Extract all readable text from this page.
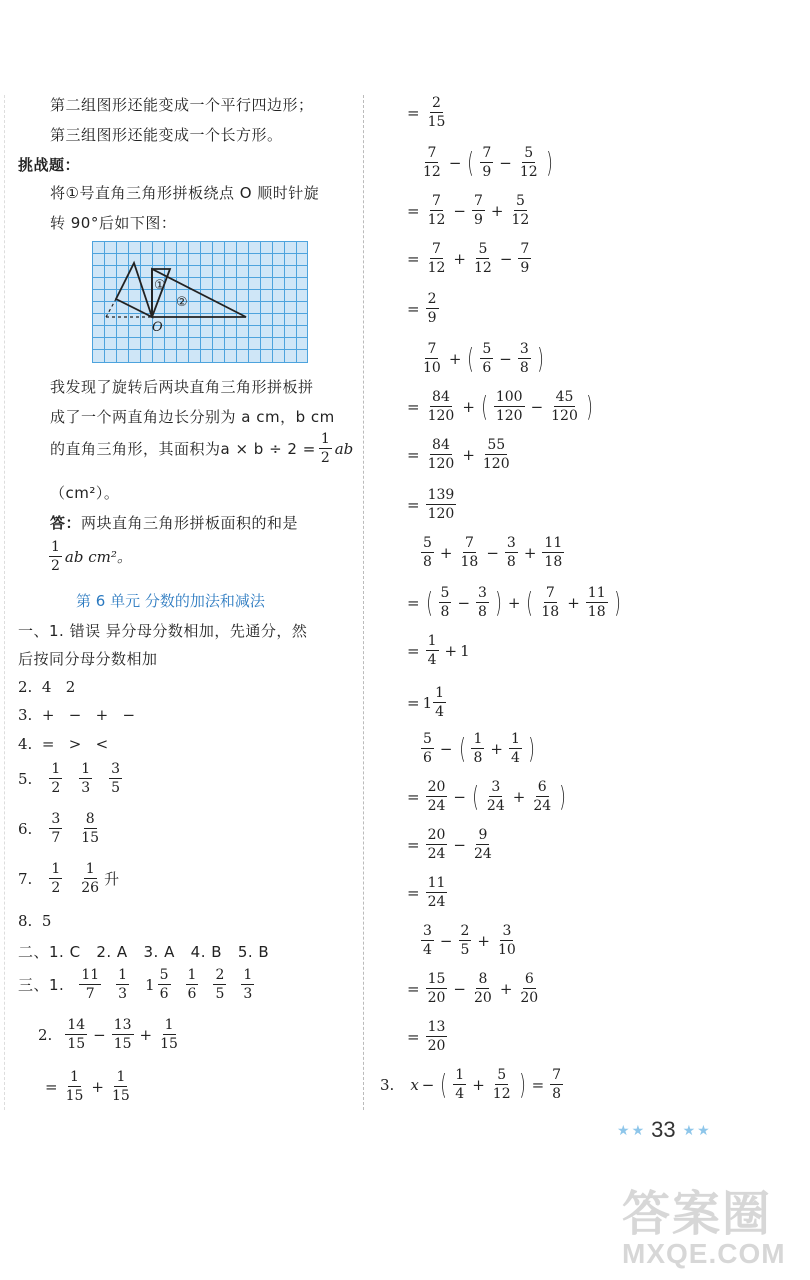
第二组图形还能变成一个平行四边形；
第三组图形还能变成一个长方形。
挑战题：
将①号直角三角形拼板绕点 O 顺时针旋
转 90°后如下图：
①
②
O
我发现了旋转后两块直角三角形拼板拼
成了一个两直角边长分别为 a cm，b cm
的直角三角形，其面积为$a \times b \div 2 = \frac{1}{2}$ ab
（cm²）。
答：两块直角三角形拼板面积的和是
$\frac{1}{2}$ ab cm²。
第 6 单元 分数的加法和减法
一、1. 错误 异分母分数相加，先通分，然
后按同分母分数相加
2.  4   2
3.  +   −   +   −
4.  =   >   <
5. $\frac{1}{2} \frac{1}{3} \frac{3}{5}$
6. $\frac{3}{7} \frac{8}{15}$
7. $\frac{1}{2} \frac{1}{26}$ 升
8.  5
二、1. C   2. A   3. A   4. B   5. B
三、1. $\frac{11}{7} \frac{1}{3} 1 \frac{5}{6} \frac{1}{6} \frac{2}{5} \frac{1}{3}$
2. $\frac{14}{15} - \frac{13}{15} + \frac{1}{15}$
= $\frac{1}{15} + \frac{1}{15}$
= $\frac{2}{15}$
$\frac{7}{12}$ − ( $\frac{7}{9} - \frac{5}{12}$ )
= $\frac{7}{12} - \frac{7}{9} + \frac{5}{12}$
= $\frac{7}{12} + \frac{5}{12} - \frac{7}{9}$
= $\frac{2}{9}$
$\frac{7}{10}$ + ( $\frac{5}{6} - \frac{3}{8}$ )
= $\frac{84}{120}$ + ( $\frac{100}{120} - \frac{45}{120}$ )
= $\frac{84}{120} + \frac{55}{120}$
= $\frac{139}{120}$
$\frac{5}{8} + \frac{7}{18} - \frac{3}{8} + \frac{11}{18}$
= ( $\frac{5}{8} - \frac{3}{8}$ ) + ( $\frac{7}{18} + \frac{11}{18}$ )
= $\frac{1}{4} + 1$
= $1 \frac{1}{4}$
$\frac{5}{6}$ − ( $\frac{1}{8} + \frac{1}{4}$ )
= $\frac{20}{24}$ − ( $\frac{3}{24} + \frac{6}{24}$ )
= $\frac{20}{24} - \frac{9}{24}$
= $\frac{11}{24}$
$\frac{3}{4} - \frac{2}{5} + \frac{3}{10}$
= $\frac{15}{20} - \frac{8}{20} + \frac{6}{20}$
= $\frac{13}{20}$
3. x − ( $\frac{1}{4} + \frac{5}{12}$ ) = $\frac{7}{8}$
★ ★ 33 ★ ★
答案圈
MXQE.COM
